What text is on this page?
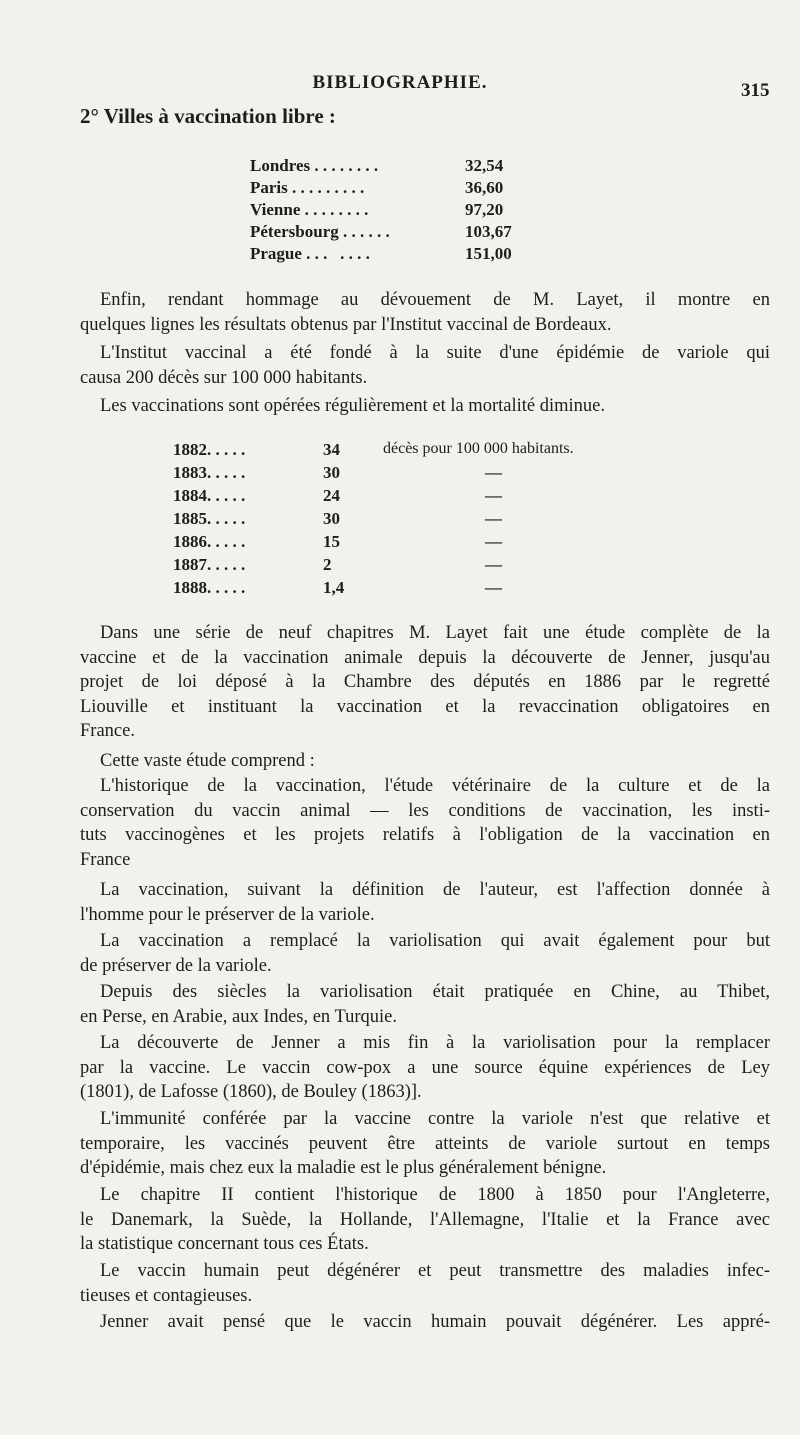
BIBLIOGRAPHIE.	315
2° Villes à vaccination libre :
Londres . . . . . . . .	32,54
Paris . . . . . . . . .	36,60
Vienne . . . . . . . .	97,20
Pétersbourg . . . . . .	103,67
Prague . . .   . . . .	151,00
Enfin, rendant hommage au dévouement de M. Layet, il montre en
quelques lignes les résultats obtenus par l'Institut vaccinal de Bordeaux.
L'Institut vaccinal a été fondé à la suite d'une épidémie de variole qui
causa 200 décès sur 100 000 habitants.
Les vaccinations sont opérées régulièrement et la mortalité diminue.
1882. . . . .	34	décès pour 100 000 habitants.
1883. . . . .	30	—
1884. . . . .	24	—
1885. . . . .	30	—
1886. . . . .	15	—
1887. . . . .	2	—
1888. . . . .	1,4	—
Dans une série de neuf chapitres M. Layet fait une étude complète de la
vaccine et de la vaccination animale depuis la découverte de Jenner, jusqu'au
projet de loi déposé à la Chambre des députés en 1886 par le regretté
Liouville et instituant la vaccination et la revaccination obligatoires en
France.
Cette vaste étude comprend :
L'historique de la vaccination, l'étude vétérinaire de la culture et de la
conservation du vaccin animal — les conditions de vaccination, les insti-
tuts vaccinogènes et les projets relatifs à l'obligation de la vaccination en
France
La vaccination, suivant la définition de l'auteur, est l'affection donnée à
l'homme pour le préserver de la variole.
La vaccination a remplacé la variolisation qui avait également pour but
de préserver de la variole.
Depuis des siècles la variolisation était pratiquée en Chine, au Thibet,
en Perse, en Arabie, aux Indes, en Turquie.
La découverte de Jenner a mis fin à la variolisation pour la remplacer
par la vaccine. Le vaccin cow-pox a une source équine expériences de Ley
(1801), de Lafosse (1860), de Bouley (1863)].
L'immunité conférée par la vaccine contre la variole n'est que relative et
temporaire, les vaccinés peuvent être atteints de variole surtout en temps
d'épidémie, mais chez eux la maladie est le plus généralement bénigne.
Le chapitre II contient l'historique de 1800 à 1850 pour l'Angleterre,
le Danemark, la Suède, la Hollande, l'Allemagne, l'Italie et la France avec
la statistique concernant tous ces États.
Le vaccin humain peut dégénérer et peut transmettre des maladies infec-
tieuses et contagieuses.
Jenner avait pensé que le vaccin humain pouvait dégénérer. Les appré-
